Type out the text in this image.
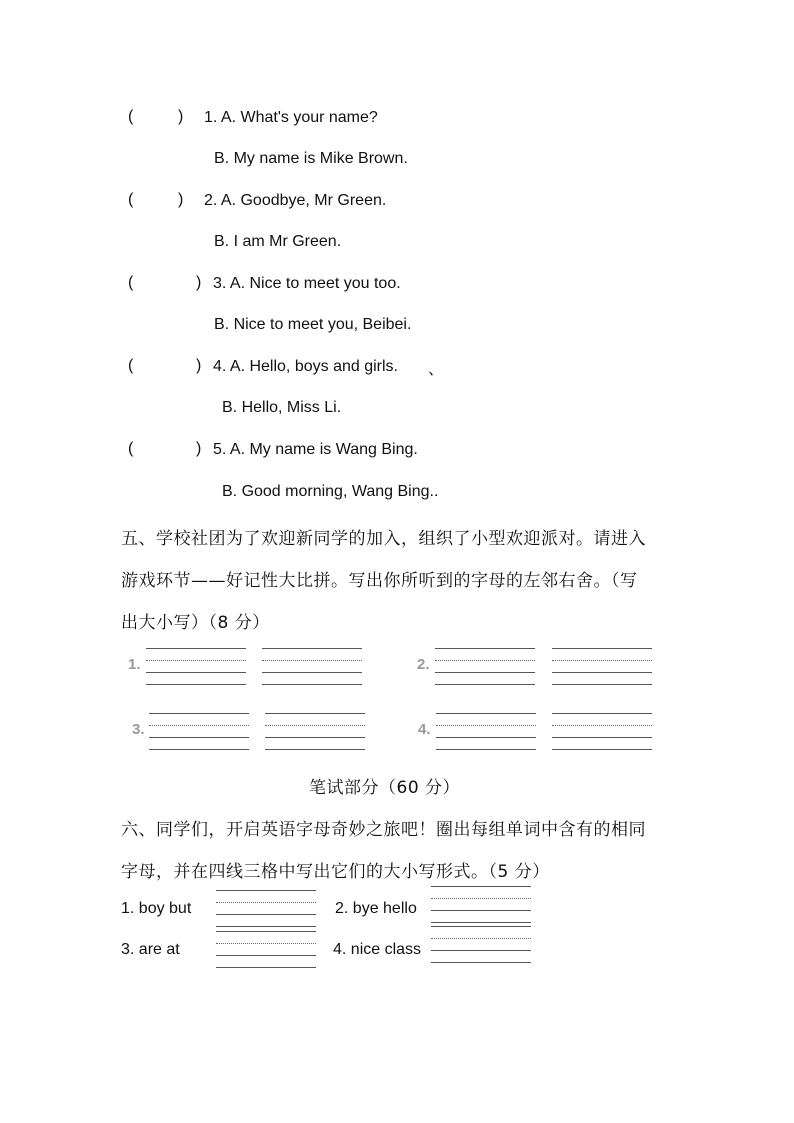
(	) 1. A. What's your name?
B. My name is Mike Brown.
(	) 2. A. Goodbye, Mr Green.
B. I am Mr Green.
(	) 3. A. Nice to meet you too.
B. Nice to meet you, Beibei.
(	) 4. A. Hello, boys and girls. 、
B. Hello, Miss Li.
(	) 5. A. My name is Wang Bing.
B. Good morning, Wang Bing..
五、学校社团为了欢迎新同学的加入，组织了小型欢迎派对。请进入
游戏环节——好记性大比拼。写出你所听到的字母的左邻右舍。（写
出大小写）（8 分）
1.	2.
3.	4.
笔试部分（60 分）
六、同学们，开启英语字母奇妙之旅吧！圈出每组单词中含有的相同
字母，并在四线三格中写出它们的大小写形式。（5 分）
1. boy but	2. bye hello
3. are at	4. nice class
